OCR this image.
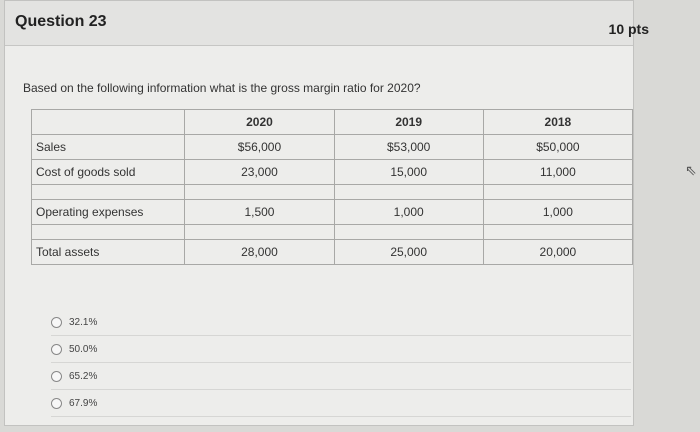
Question 23	10 pts
Based on the following information what is the gross margin ratio for 2020?
	2020	2019	2018
Sales	$56,000	$53,000	$50,000
Cost of goods sold	23,000	15,000	11,000

Operating expenses	1,500	1,000	1,000

Total assets	28,000	25,000	20,000
32.1%
50.0%
65.2%
67.9%
⇖
